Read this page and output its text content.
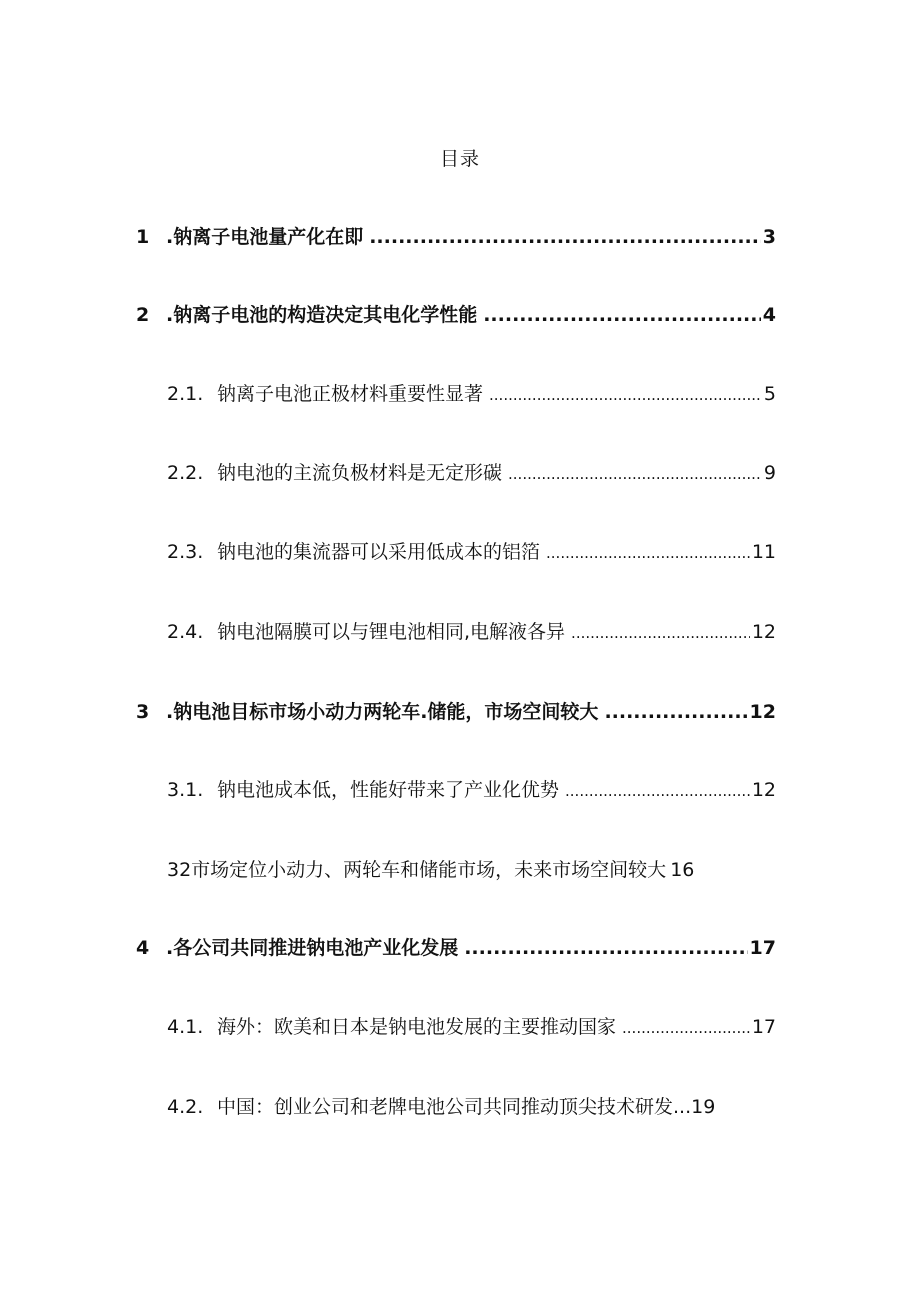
目录
1 .钠离子电池量产化在即 .....	3
2 .钠离子电池的构造决定其电化学性能 .....	4
2.1. 钠离子电池正极材料重要性显著 .....	5
2.2. 钠电池的主流负极材料是无定形碳 .....	9
2.3. 钠电池的集流器可以采用低成本的铝箔 .....	11
2.4. 钠电池隔膜可以与锂电池相同,电解液各异 .....	12
3 .钠电池目标市场小动力两轮车.储能，市场空间较大 .....	12
3.1. 钠电池成本低，性能好带来了产业化优势 .....	12
32市场定位小动力、两轮车和储能市场，未来市场空间较大 16
4 .各公司共同推进钠电池产业化发展 .....	17
4.1. 海外：欧美和日本是钠电池发展的主要推动国家 .....	17
4.2. 中国：创业公司和老牌电池公司共同推动顶尖技术研发...19
